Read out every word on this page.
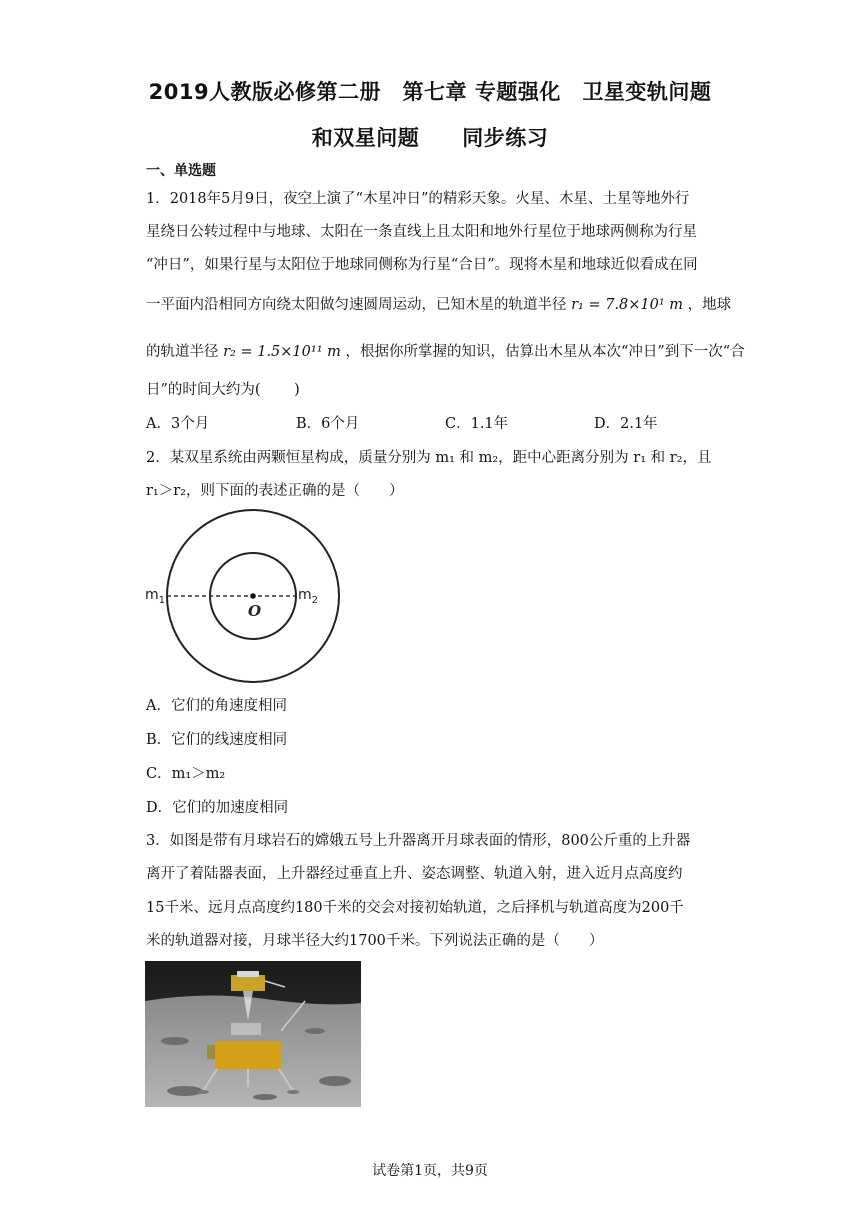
2019人教版必修第二册　第七章 专题强化　卫星变轨问题
和双星问题　　同步练习
一、单选题
1．2018年5月9日，夜空上演了“木星冲日”的精彩天象。火星、木星、土星等地外行
星绕日公转过程中与地球、太阳在一条直线上且太阳和地外行星位于地球两侧称为行星
“冲日”，如果行星与太阳位于地球同侧称为行星“合日”。现将木星和地球近似看成在同
一平面内沿相同方向绕太阳做匀速圆周运动，已知木星的轨道半径 r₁ = 7.8×10¹ m ，地球
的轨道半径 r₂ = 1.5×10¹¹ m ，根据你所掌握的知识，估算出木星从本次“冲日”到下一次“合
日”的时间大约为(　　 )
A．3个月	B．6个月	C．1.1年	D．2.1年
2．某双星系统由两颗恒星构成，质量分别为 m₁ 和 m₂，距中心距离分别为 r₁ 和 r₂，且
r₁＞r₂，则下面的表述正确的是（　　）
$m_1$	$m_2$
O
A．它们的角速度相同
B．它们的线速度相同
C．m₁＞m₂
D．它们的加速度相同
3．如图是带有月球岩石的嫦娥五号上升器离开月球表面的情形，800公斤重的上升器
离开了着陆器表面，上升器经过垂直上升、姿态调整、轨道入射，进入近月点高度约
15千米、远月点高度约180千米的交会对接初始轨道，之后择机与轨道高度为200千
米的轨道器对接，月球半径大约1700千米。下列说法正确的是（　　）
试卷第1页，共9页
